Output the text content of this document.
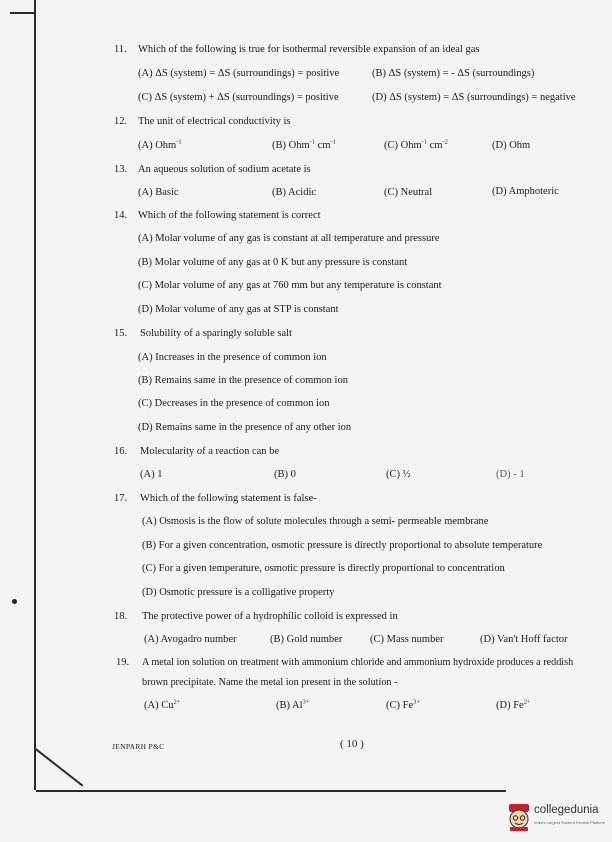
11. Which of the following is true for isothermal reversible expansion of an ideal gas
(A) ΔS (system) = ΔS (surroundings) = positive	(B) ΔS (system) = - ΔS (surroundings)
(C) ΔS (system) + ΔS (surroundings) = positive	(D) ΔS (system) = ΔS (surroundings) = negative
12. The unit of electrical conductivity is
(A) Ohm$^{-1}$	(B) Ohm$^{-1}$ $cm^{-1}$	(C) Ohm$^{-1}$ $cm^{-2}$	(D) Ohm
13. An aqueous solution of sodium acetate is
(A) Basic	(B) Acidic	(C) Neutral	(D) Amphoteric
14. Which of the following statement is correct
(A) Molar volume of any gas is constant at all temperature and pressure
(B) Molar volume of any gas at 0 K but any pressure is constant
(C) Molar volume of any gas at 760 mm but any temperature is constant
(D) Molar volume of any gas at STP is constant
15. Solubility of a sparingly soluble salt
(A) Increases in the presence of common ion
(B) Remains same in the presence of common ion
(C) Decreases in the presence of common ion
(D) Remains same in the presence of any other ion
16. Molecularity of a reaction can be
(A) 1	(B) 0	(C) ½	(D) - 1
17. Which of the following statement is false-
(A) Osmosis is the flow of solute molecules through a semi- permeable membrane
(B) For a given concentration, osmotic pressure is directly proportional to absolute temperature
(C) For a given temperature, osmotic pressure is directly proportional to concentration
(D) Osmotic pressure is a colligative property
18. The protective power of a hydrophilic colloid is expressed in
(A) Avogadro number	(B) Gold number	(C) Mass number	(D) Van't Hoff factor
19. A metal ion solution on treatment with ammonium chloride and ammonium hydroxide produces a reddish
brown precipitate. Name the metal ion present in the solution -
(A) $Cu^{2+}$	(B) $Al^{3+}$	(C) $Fe^{3+}$	(D) $Fe^{2+}$
JENPARH P&C	( 10 )
collegedunia
India's Largest Student Review Platform
